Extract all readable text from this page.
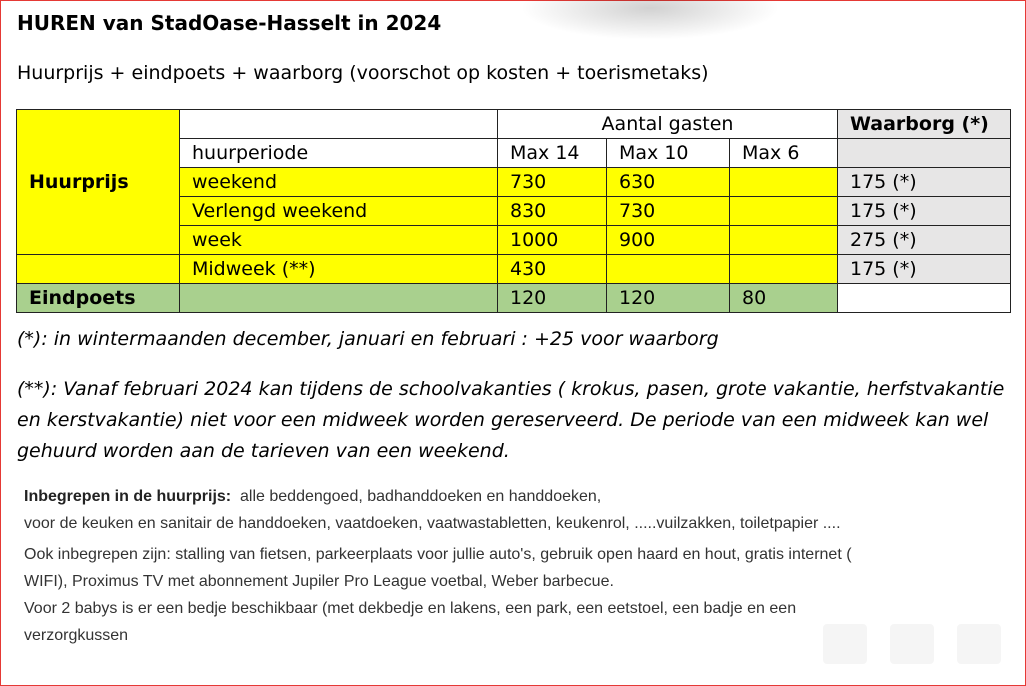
HUREN van StadOase-Hasselt in 2024
Huurprijs + eindpoets + waarborg (voorschot op kosten + toerismetaks)
Huurprijs		Aantal gasten			Waarborg (*)
	huurperiode	Max 14	Max 10	Max 6	
	weekend	730	630		175 (*)
	Verlengd weekend	830	730		175 (*)
	week	1000	900		275 (*)
	Midweek (**)	430			175 (*)
Eindpoets		120	120	80	
(*): in wintermaanden december, januari en februari : +25 voor waarborg
(**): Vanaf februari 2024 kan tijdens de schoolvakanties ( krokus, pasen, grote vakantie, herfstvakantie en kerstvakantie) niet voor een midweek worden gereserveerd. De periode van een midweek kan wel gehuurd worden aan de tarieven van een weekend.

Inbegrepen in de huurprijs: alle beddengoed, badhanddoeken en handdoeken,

voor de keuken en sanitair de handdoeken, vaatdoeken, vaatwastabletten, keukenrol, .....vuilzakken, toiletpapier ....

Ook inbegrepen zijn: stalling van fietsen, parkeerplaats voor jullie auto's, gebruik open haard en hout, gratis internet (

WIFI), Proximus TV met abonnement Jupiler Pro League voetbal, Weber barbecue.

Voor 2 babys is er een bedje beschikbaar (met dekbedje en lakens, een park, een eetstoel, een badje en een

verzorgkussen
